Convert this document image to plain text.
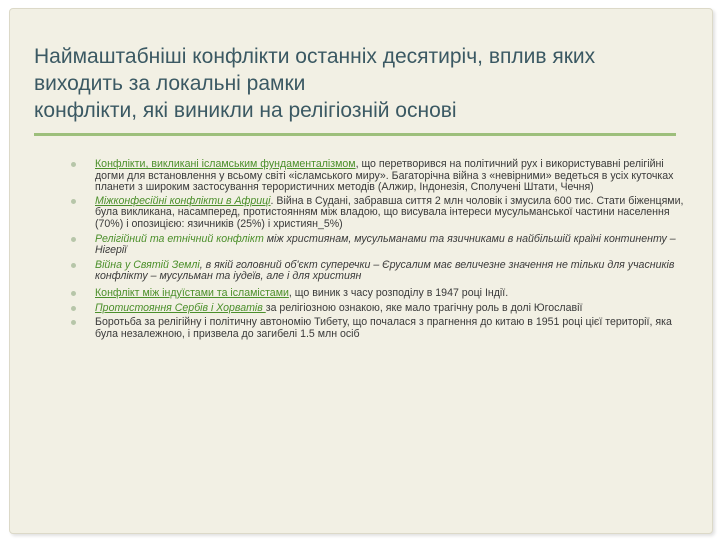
Наймаштабніші конфлікти останніх десятиріч, вплив яких
виходить за локальні рамки
конфлікти, які виникли на релігіозній основі
Конфлікти, викликані ісламським фундаменталізмом, що перетворився на політичний рух і використувавні релігійні догми для встановлення у всьому світі «ісламського миру». Багаторічна війна з «невірними» ведеться в усіх куточках планети з широким застосування терористичних методів (Алжир, Індонезія, Сполучені Штати, Чечня)
Міжконфесійні конфлікти в Африці. Війна в Судані, забравша сиття 2 млн чоловік і змусила 600 тис. Стати біженцями, була викликана, насамперед, протистоянням між владою, що висувала інтереси мусульманської частини населення (70%) і опозицією: язичників (25%) і християн_5%)
Релігійний та етнічний конфлікт між християнам, мусульманами та язичниками в найбільшій країні континенту – Нігерії
Війна у Святій Землі, в якій головний об'єкт суперечки – Єрусалим має величезне значення не тільки для учасників конфлікту – мусульман та іудеїв, але і для християн
Конфлікт між індуїстами та ісламістами, що виник з часу розподілу в 1947 році Індії.
Протистояння Сербів і Хорватів за релігіозною ознакою, яке мало трагічну роль в долі Югославії
Боротьба за релігійну і політичну автономію Тибету, що почалася з прагнення до китаю в 1951 році цієї території, яка була незалежною, і призвела до загибелі 1.5 млн осіб
